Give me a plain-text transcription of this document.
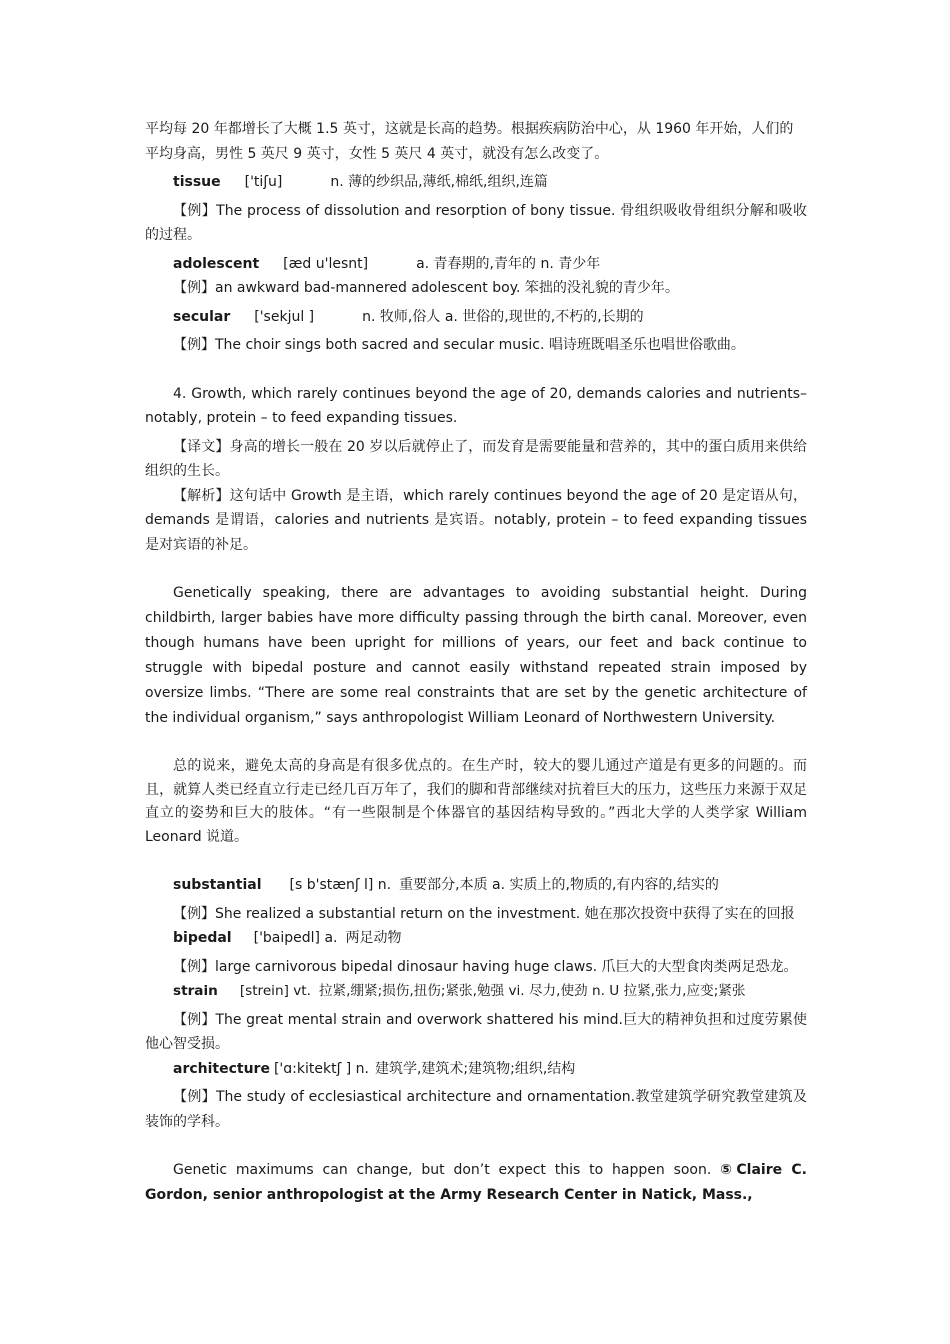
平均每 20 年都增长了大概 1.5 英寸，这就是长高的趋势。根据疾病防治中心，从 1960 年开始，人们的

平均身高，男性 5 英尺 9 英寸，女性 5 英尺 4 英寸，就没有怎么改变了。

tissue ['tiʃu]	n. 薄的纱织品,薄纸,棉纸,组织,连篇

【例】The process of dissolution and resorption of bony tissue. 骨组织吸收骨组织分解和吸收的过程。

adolescent [æd u'lesnt]	a. 青春期的,青年的 n. 青少年

【例】an awkward bad-mannered adolescent boy. 笨拙的没礼貌的青少年。

secular ['sekjul ]	n. 牧师,俗人 a. 世俗的,现世的,不朽的,长期的

【例】The choir sings both sacred and secular music. 唱诗班既唱圣乐也唱世俗歌曲。

4. Growth, which rarely continues beyond the age of 20, demands calories and nutrients–notably, protein – to feed expanding tissues.

【译文】身高的增长一般在 20 岁以后就停止了，而发育是需要能量和营养的，其中的蛋白质用来供给组织的生长。

【解析】这句话中 Growth 是主语，which rarely continues beyond the age of 20 是定语从句，demands 是谓语，calories and nutrients 是宾语。notably, protein – to feed expanding tissues 是对宾语的补足。

Genetically speaking, there are advantages to avoiding substantial height. During childbirth, larger babies have more difficulty passing through the birth canal. Moreover, even though humans have been upright for millions of years, our feet and back continue to struggle with bipedal posture and cannot easily withstand repeated strain imposed by oversize limbs. “There are some real constraints that are set by the genetic architecture of the individual organism,” says anthropologist William Leonard of Northwestern University.

总的说来，避免太高的身高是有很多优点的。在生产时，较大的婴儿通过产道是有更多的问题的。而且，就算人类已经直立行走已经几百万年了，我们的脚和背部继续对抗着巨大的压力，这些压力来源于双足直立的姿势和巨大的肢体。“有一些限制是个体器官的基因结构导致的。”西北大学的人类学家 William Leonard 说道。

substantial [s b'stænʃ l] n. 重要部分,本质 a. 实质上的,物质的,有内容的,结实的

【例】She realized a substantial return on the investment. 她在那次投资中获得了实在的回报

bipedal ['baipedl] a. 两足动物

【例】large carnivorous bipedal dinosaur having huge claws. 爪巨大的大型食肉类两足恐龙。

strain [strein] vt. 拉紧,绷紧;损伤,扭伤;紧张,勉强 vi. 尽力,使劲 n. U 拉紧,张力,应变;紧张

【例】The great mental strain and overwork shattered his mind.巨大的精神负担和过度劳累使他心智受损。

architecture ['ɑ:kitektʃ ] n. 建筑学,建筑术;建筑物;组织,结构

【例】The study of ecclesiastical architecture and ornamentation.教堂建筑学研究教堂建筑及装饰的学科。

Genetic maximums can change, but don’t expect this to happen soon. ⑤Claire C. Gordon, senior anthropologist at the Army Research Center in Natick, Mass.,
